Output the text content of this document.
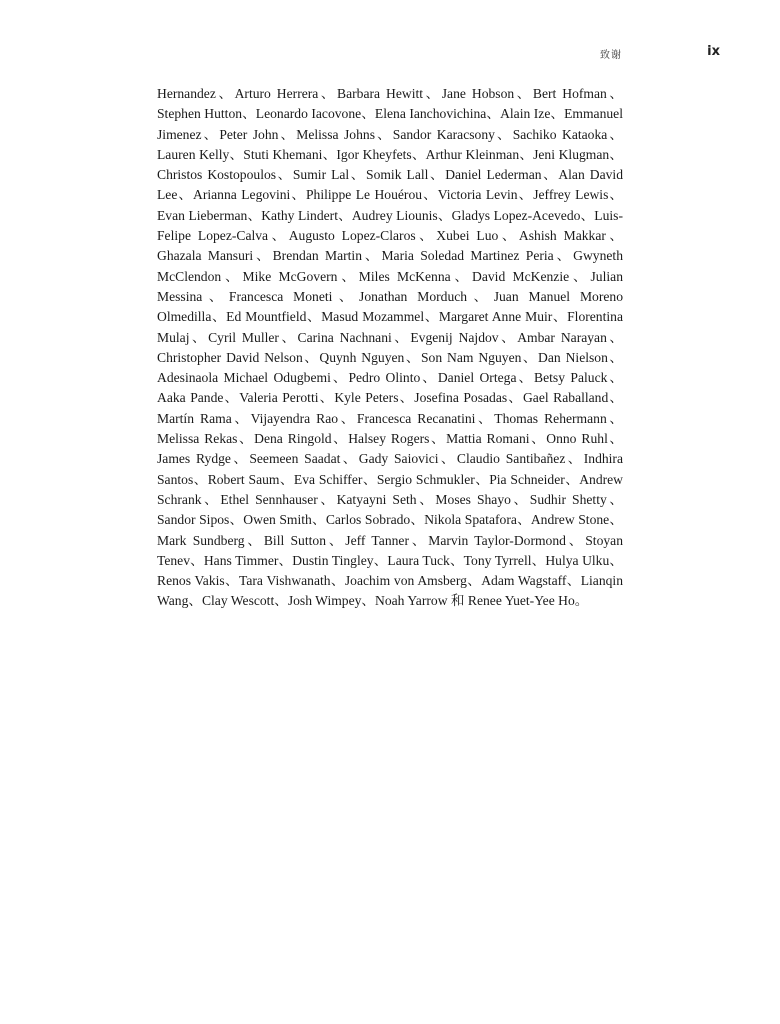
致谢	ix

Hernandez、Arturo Herrera、Barbara Hewitt、Jane Hobson、Bert Hofman、Stephen Hutton、Leonardo Iacovone、Elena Ianchovichina、Alain Ize、Emmanuel Jimenez、Peter John、Melissa Johns、Sandor Karacsony、Sachiko Kataoka、Lauren Kelly、Stuti Khemani、Igor Kheyfets、Arthur Kleinman、Jeni Klugman、Christos Kostopoulos、Sumir Lal、Somik Lall、Daniel Lederman、Alan David Lee、Arianna Legovini、Philippe Le Houérou、Victoria Levin、Jeffrey Lewis、Evan Lieberman、Kathy Lindert、Audrey Liounis、Gladys Lopez-Acevedo、Luis-Felipe Lopez-Calva、Augusto Lopez-Claros、Xubei Luo、Ashish Makkar、Ghazala Mansuri、Brendan Martin、Maria Soledad Martinez Peria、Gwyneth McClendon、Mike McGovern、Miles McKenna、David McKenzie、Julian Messina、Francesca Moneti、Jonathan Morduch、Juan Manuel Moreno Olmedilla、Ed Mountfield、Masud Mozammel、Margaret Anne Muir、Florentina Mulaj、Cyril Muller、Carina Nachnani、Evgenij Najdov、Ambar Narayan、Christopher David Nelson、Quynh Nguyen、Son Nam Nguyen、Dan Nielson、Adesinaola Michael Odugbemi、Pedro Olinto、Daniel Ortega、Betsy Paluck、Aaka Pande、Valeria Perotti、Kyle Peters、Josefina Posadas、Gael Raballand、Martín Rama、Vijayendra Rao、Francesca Recanatini、Thomas Rehermann、Melissa Rekas、Dena Ringold、Halsey Rogers、Mattia Romani、Onno Ruhl、James Rydge、Seemeen Saadat、Gady Saiovici、Claudio Santibañez、Indhira Santos、Robert Saum、Eva Schiffer、Sergio Schmukler、Pia Schneider、Andrew Schrank、Ethel Sennhauser、Katyayni Seth、Moses Shayo、Sudhir Shetty、Sandor Sipos、Owen Smith、Carlos Sobrado、Nikola Spatafora、Andrew Stone、Mark Sundberg、Bill Sutton、Jeff Tanner、Marvin Taylor-Dormond、Stoyan Tenev、Hans Timmer、Dustin Tingley、Laura Tuck、Tony Tyrrell、Hulya Ulku、Renos Vakis、Tara Vishwanath、Joachim von Amsberg、Adam Wagstaff、Lianqin Wang、Clay Wescott、Josh Wimpey、Noah Yarrow 和 Renee Yuet-Yee Ho。
